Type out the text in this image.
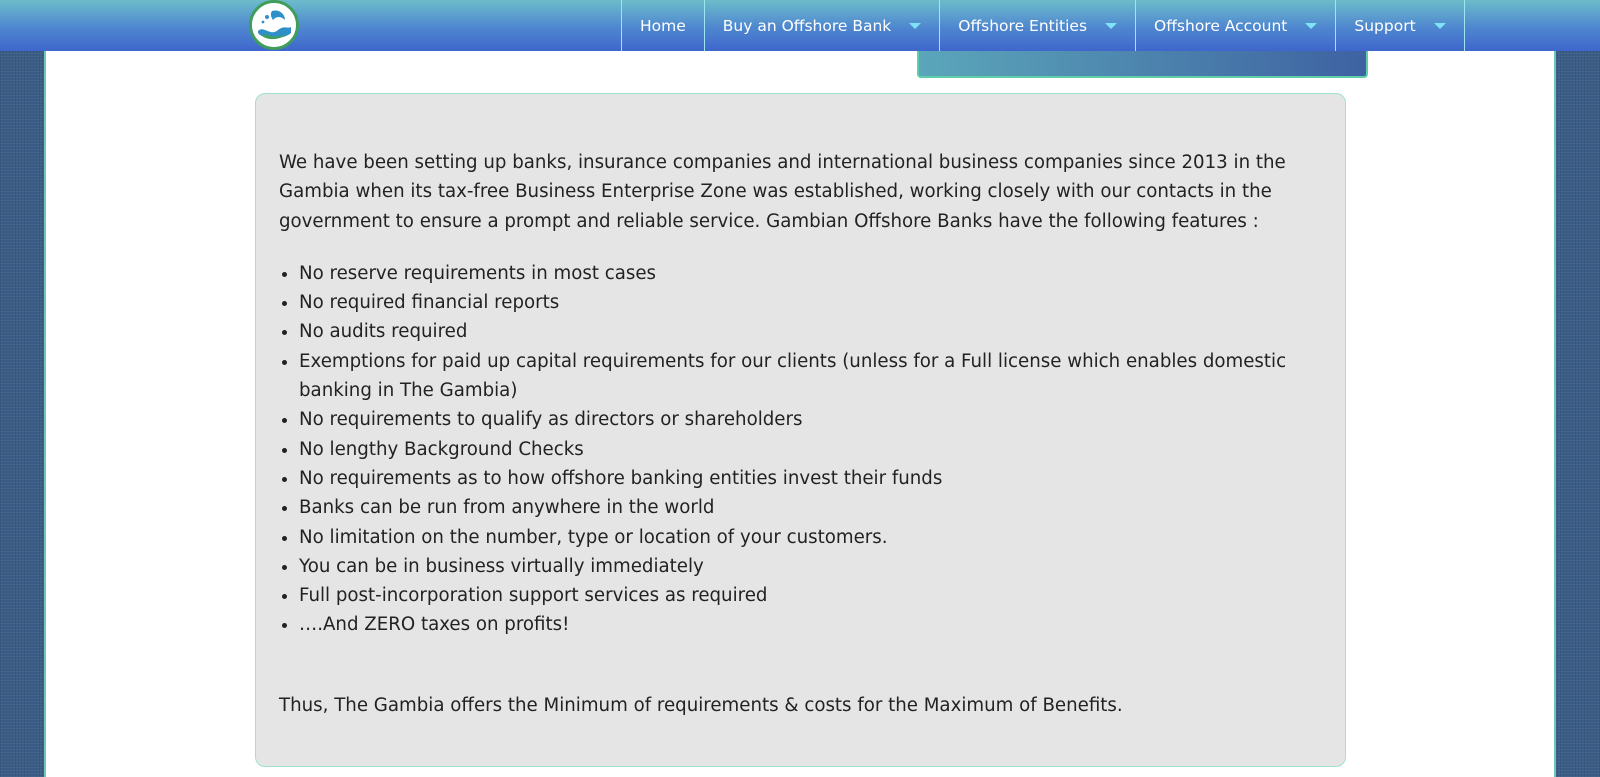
Home Buy an Offshore Bank	Offshore Entities	Offshore Account	Support

We have been setting up banks, insurance companies and international business companies since 2013 in the Gambia when its tax-free Business Enterprise Zone was established, working closely with our contacts in the government to ensure a prompt and reliable service. Gambian Offshore Banks have the following features :

• No reserve requirements in most cases
• No required financial reports
• No audits required
• Exemptions for paid up capital requirements for our clients (unless for a Full license which enables domestic banking in The Gambia)
• No requirements to qualify as directors or shareholders
• No lengthy Background Checks
• No requirements as to how offshore banking entities invest their funds
• Banks can be run from anywhere in the world
• No limitation on the number, type or location of your customers.
• You can be in business virtually immediately
• Full post-incorporation support services as required
• ….And ZERO taxes on profits!

Thus, The Gambia offers the Minimum of requirements & costs for the Maximum of Benefits.
